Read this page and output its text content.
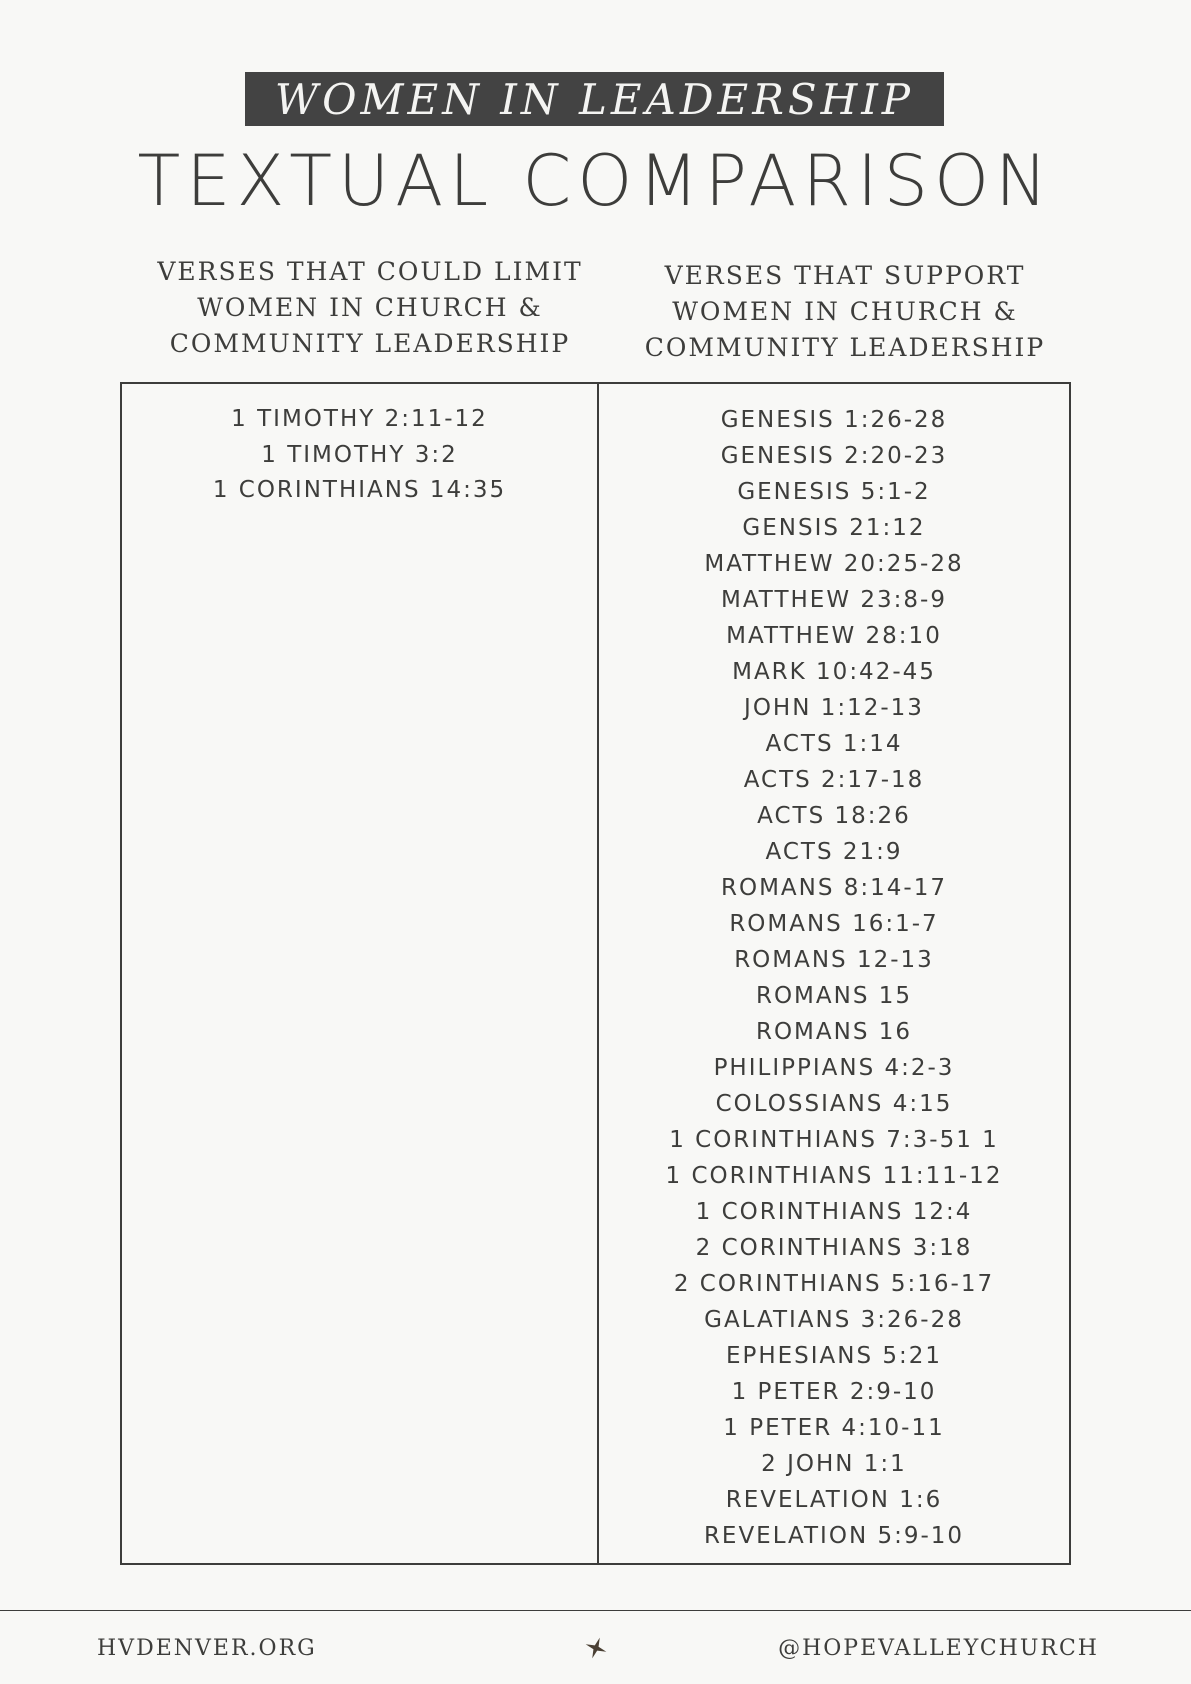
WOMEN IN LEADERSHIP
TEXTUAL COMPARISON
VERSES THAT COULD LIMIT
WOMEN IN CHURCH &
COMMUNITY LEADERSHIP
VERSES THAT SUPPORT
WOMEN IN CHURCH &
COMMUNITY LEADERSHIP
1 TIMOTHY 2:11-12
1 TIMOTHY 3:2
1 CORINTHIANS 14:35
GENESIS 1:26-28
GENESIS 2:20-23
GENESIS 5:1-2
GENSIS 21:12
MATTHEW 20:25-28
MATTHEW 23:8-9
MATTHEW 28:10
MARK 10:42-45
JOHN 1:12-13
ACTS 1:14
ACTS 2:17-18
ACTS 18:26
ACTS 21:9
ROMANS 8:14-17
ROMANS 16:1-7
ROMANS 12-13
ROMANS 15
ROMANS 16
PHILIPPIANS 4:2-3
COLOSSIANS 4:15
1 CORINTHIANS 7:3-51 1
1 CORINTHIANS 11:11-12
1 CORINTHIANS 12:4
2 CORINTHIANS 3:18
2 CORINTHIANS 5:16-17
GALATIANS 3:26-28
EPHESIANS 5:21
1 PETER 2:9-10
1 PETER 4:10-11
2 JOHN 1:1
REVELATION 1:6
REVELATION 5:9-10
HVDENVER.ORG	@HOPEVALLEYCHURCH
